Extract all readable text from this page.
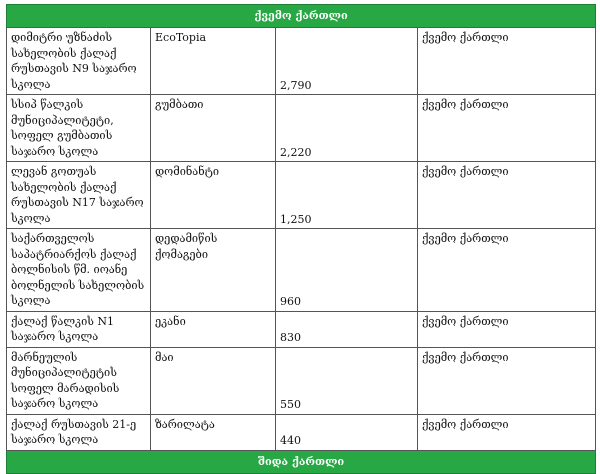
ქვემო ქართლი			
დიმიტრი უზნაძის სახელობის ქალაქ რუსთავის N9 საჯარო სკოლა	EcoTopia	2,790	ქვემო ქართლი
სსიპ წალკის მუნიციპალიტეტი, სოფელ გუმბათის საჯარო სკოლა	გუმბათი	2,220	ქვემო ქართლი
ლევან გოთუას სახელობის ქალაქ რუსთავის N17 საჯარო სკოლა	დომინანტი	1,250	ქვემო ქართლი
საქართველოს საპატრიარქოს ქალაქ ბოლნისის წმ. იოანე ბოლნელის სახელობის სკოლა	დედამიწის ქომაგები	960	ქვემო ქართლი
ქალაქ წალკის N1 საჯარო სკოლა	ეკანი	830	ქვემო ქართლი
მარნეულის მუნიციპალიტეტის სოფელ მარადისის საჯარო სკოლა	მაი	550	ქვემო ქართლი
ქალაქ რუსთავის 21-ე საჯარო სკოლა	ზარილატა	440	ქვემო ქართლი
შიდა ქართლი			
